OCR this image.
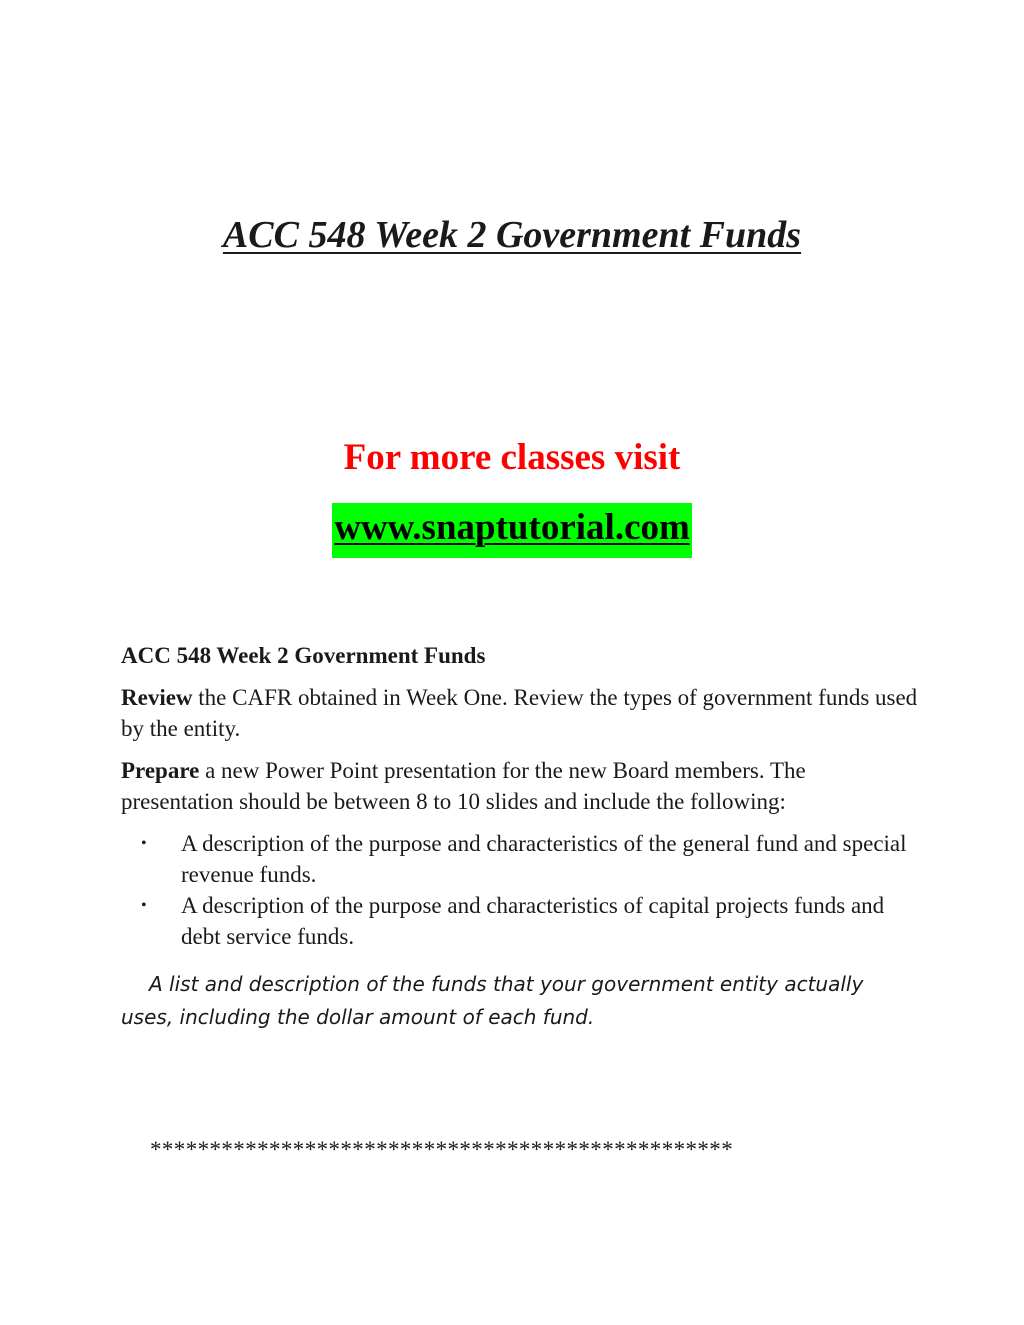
ACC 548 Week 2 Government Funds

For more classes visit

www.snaptutorial.com

ACC 548 Week 2 Government Funds

Review the CAFR obtained in Week One. Review the types of government funds used by the entity.

Prepare a new Power Point presentation for the new Board members. The presentation should be between 8 to 10 slides and include the following:

• A description of the purpose and characteristics of the general fund and special revenue funds.
• A description of the purpose and characteristics of capital projects funds and debt service funds.

A list and description of the funds that your government entity actually uses, including the dollar amount of each fund.

*************************************************
